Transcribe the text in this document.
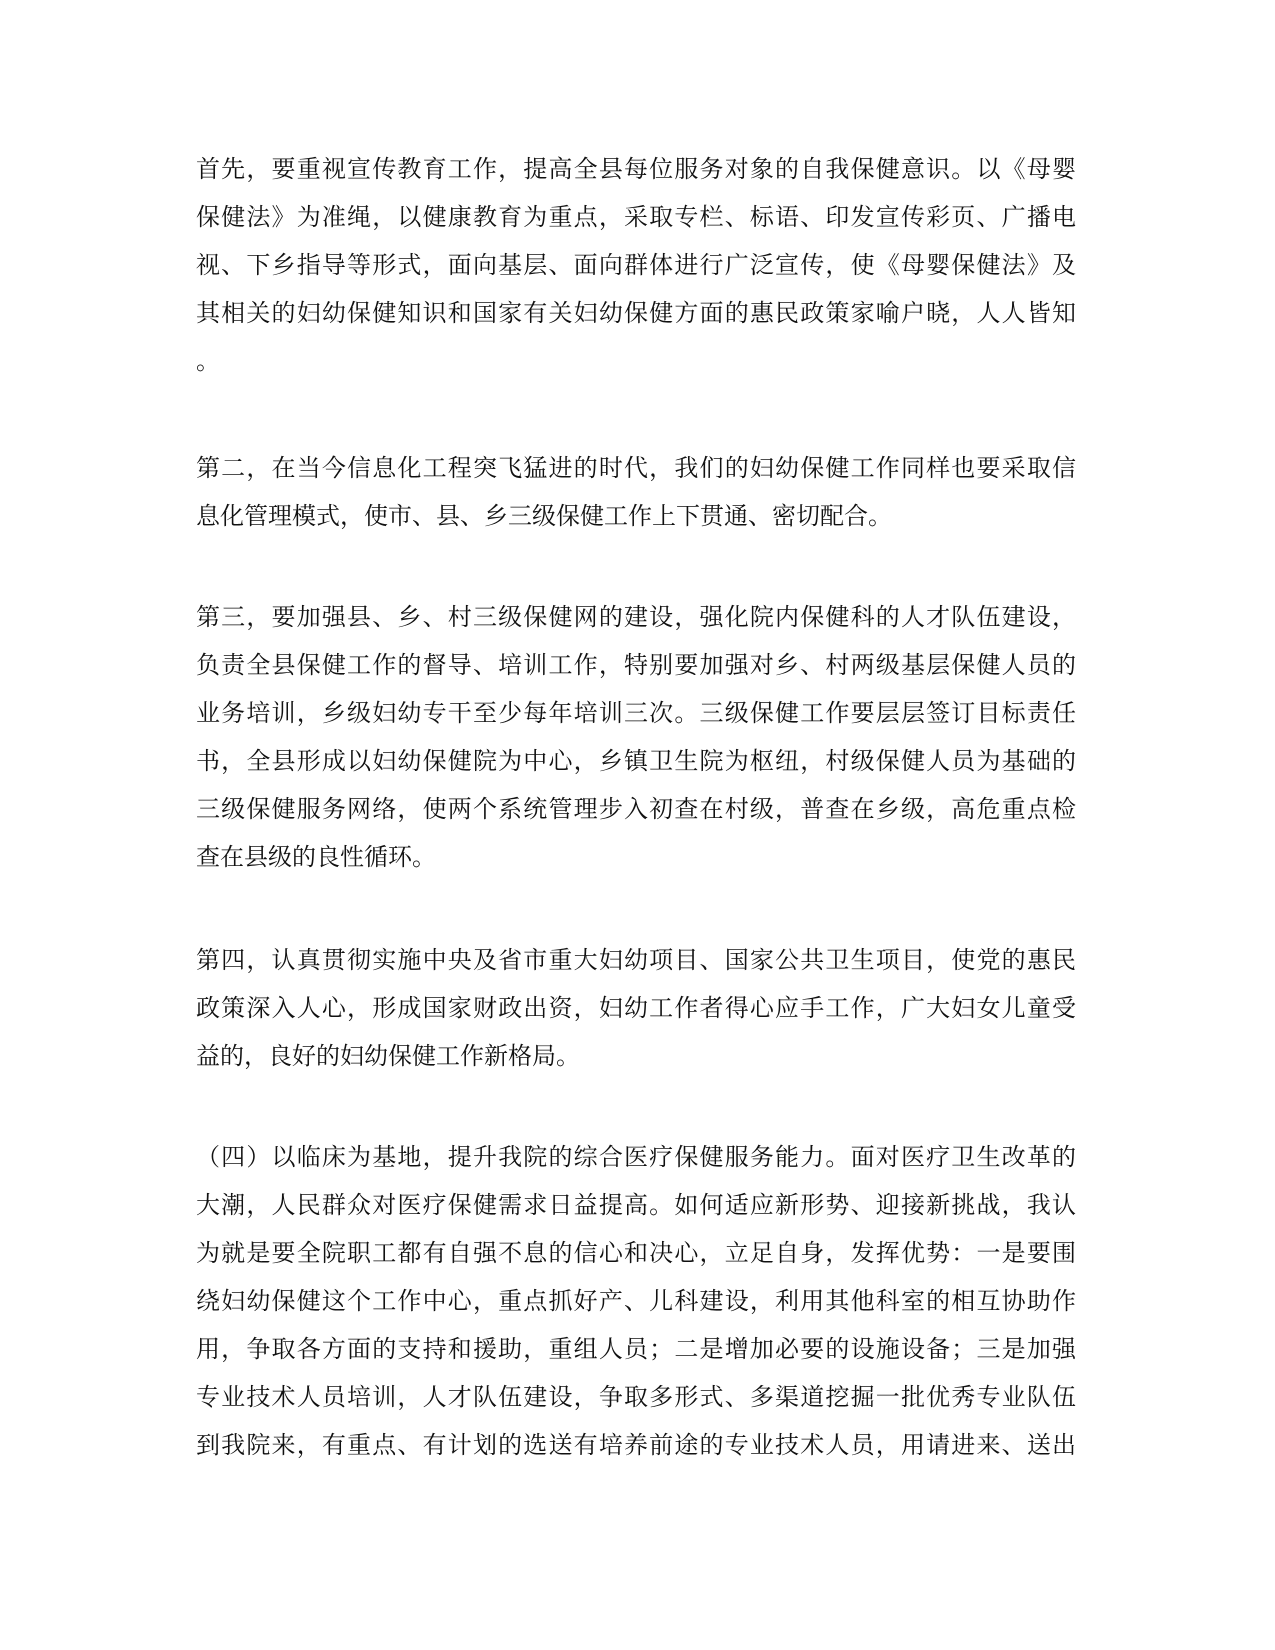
首先，要重视宣传教育工作，提高全县每位服务对象的自我保健意识。以《母婴
保健法》为准绳，以健康教育为重点，采取专栏、标语、印发宣传彩页、广播电
视、下乡指导等形式，面向基层、面向群体进行广泛宣传，使《母婴保健法》及
其相关的妇幼保健知识和国家有关妇幼保健方面的惠民政策家喻户晓，人人皆知
。
第二，在当今信息化工程突飞猛进的时代，我们的妇幼保健工作同样也要采取信
息化管理模式，使市、县、乡三级保健工作上下贯通、密切配合。
第三，要加强县、乡、村三级保健网的建设，强化院内保健科的人才队伍建设，
负责全县保健工作的督导、培训工作，特别要加强对乡、村两级基层保健人员的
业务培训，乡级妇幼专干至少每年培训三次。三级保健工作要层层签订目标责任
书，全县形成以妇幼保健院为中心，乡镇卫生院为枢纽，村级保健人员为基础的
三级保健服务网络，使两个系统管理步入初查在村级，普查在乡级，高危重点检
查在县级的良性循环。
第四，认真贯彻实施中央及省市重大妇幼项目、国家公共卫生项目，使党的惠民
政策深入人心，形成国家财政出资，妇幼工作者得心应手工作，广大妇女儿童受
益的，良好的妇幼保健工作新格局。
（四）以临床为基地，提升我院的综合医疗保健服务能力。面对医疗卫生改革的
大潮，人民群众对医疗保健需求日益提高。如何适应新形势、迎接新挑战，我认
为就是要全院职工都有自强不息的信心和决心，立足自身，发挥优势：一是要围
绕妇幼保健这个工作中心，重点抓好产、儿科建设，利用其他科室的相互协助作
用，争取各方面的支持和援助，重组人员；二是增加必要的设施设备；三是加强
专业技术人员培训，人才队伍建设，争取多形式、多渠道挖掘一批优秀专业队伍
到我院来，有重点、有计划的选送有培养前途的专业技术人员，用请进来、送出
